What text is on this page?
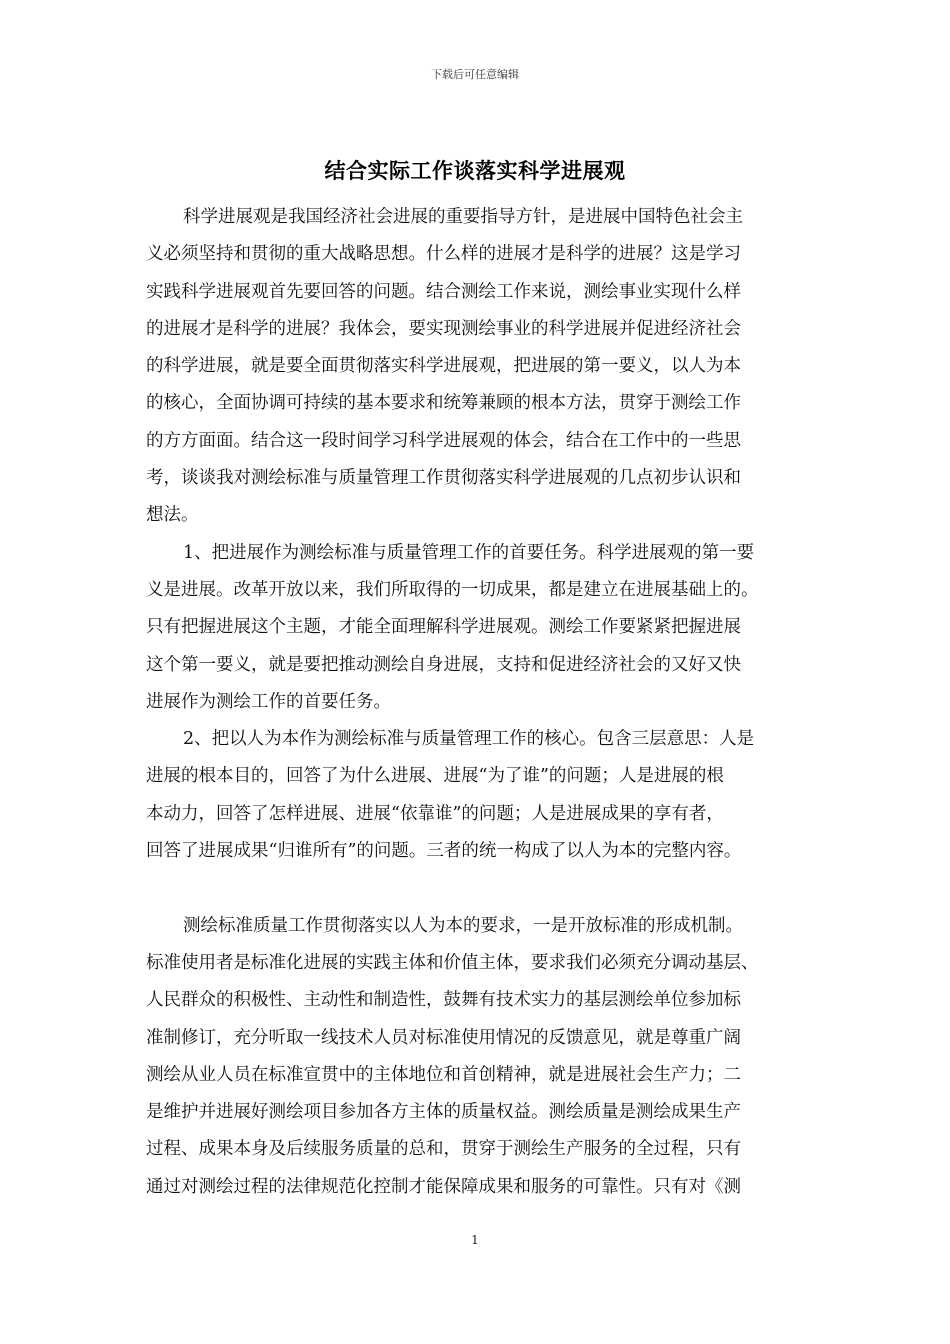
下载后可任意编辑
结合实际工作谈落实科学进展观
科学进展观是我国经济社会进展的重要指导方针，是进展中国特色社会主
义必须坚持和贯彻的重大战略思想。什么样的进展才是科学的进展？这是学习
实践科学进展观首先要回答的问题。结合测绘工作来说，测绘事业实现什么样
的进展才是科学的进展？我体会，要实现测绘事业的科学进展并促进经济社会
的科学进展，就是要全面贯彻落实科学进展观，把进展的第一要义，以人为本
的核心，全面协调可持续的基本要求和统筹兼顾的根本方法，贯穿于测绘工作
的方方面面。结合这一段时间学习科学进展观的体会，结合在工作中的一些思
考，谈谈我对测绘标准与质量管理工作贯彻落实科学进展观的几点初步认识和
想法。
1、把进展作为测绘标准与质量管理工作的首要任务。科学进展观的第一要
义是进展。改革开放以来，我们所取得的一切成果，都是建立在进展基础上的。
只有把握进展这个主题，才能全面理解科学进展观。测绘工作要紧紧把握进展
这个第一要义，就是要把推动测绘自身进展，支持和促进经济社会的又好又快
进展作为测绘工作的首要任务。
2、把以人为本作为测绘标准与质量管理工作的核心。包含三层意思：人是
进展的根本目的，回答了为什么进展、进展“为了谁”的问题；人是进展的根
本动力，回答了怎样进展、进展“依靠谁”的问题；人是进展成果的享有者，
回答了进展成果“归谁所有”的问题。三者的统一构成了以人为本的完整内容。
测绘标准质量工作贯彻落实以人为本的要求，一是开放标准的形成机制。
标准使用者是标准化进展的实践主体和价值主体，要求我们必须充分调动基层、
人民群众的积极性、主动性和制造性，鼓舞有技术实力的基层测绘单位参加标
准制修订，充分听取一线技术人员对标准使用情况的反馈意见，就是尊重广阔
测绘从业人员在标准宣贯中的主体地位和首创精神，就是进展社会生产力；二
是维护并进展好测绘项目参加各方主体的质量权益。测绘质量是测绘成果生产
过程、成果本身及后续服务质量的总和，贯穿于测绘生产服务的全过程，只有
通过对测绘过程的法律规范化控制才能保障成果和服务的可靠性。只有对《测
1
